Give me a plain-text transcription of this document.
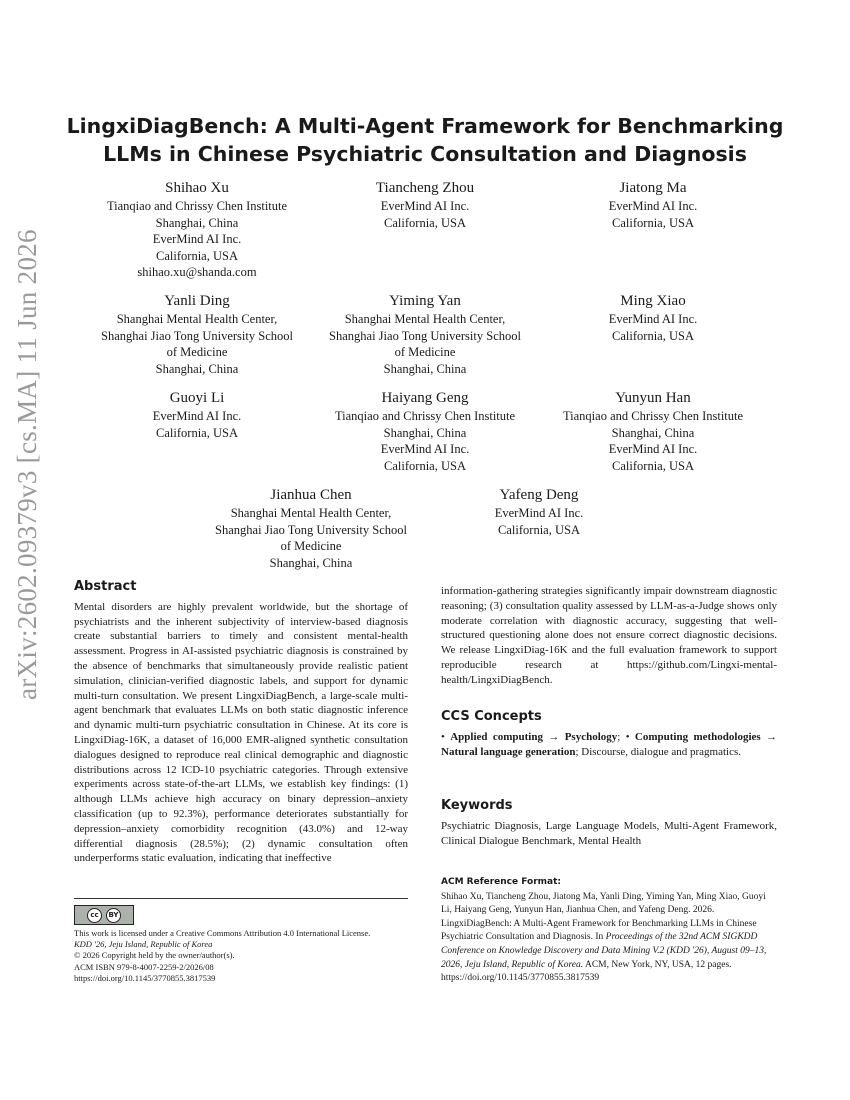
arXiv:2602.09379v3 [cs.MA] 11 Jun 2026
LingxiDiagBench: A Multi-Agent Framework for Benchmarking LLMs in Chinese Psychiatric Consultation and Diagnosis
Shihao Xu
Tianqiao and Chrissy Chen Institute
Shanghai, China
EverMind AI Inc.
California, USA
shihao.xu@shanda.com
Tiancheng Zhou
EverMind AI Inc.
California, USA
Jiatong Ma
EverMind AI Inc.
California, USA
Yanli Ding
Shanghai Mental Health Center,
Shanghai Jiao Tong University School
of Medicine
Shanghai, China
Yiming Yan
Shanghai Mental Health Center,
Shanghai Jiao Tong University School
of Medicine
Shanghai, China
Ming Xiao
EverMind AI Inc.
California, USA
Guoyi Li
EverMind AI Inc.
California, USA
Haiyang Geng
Tianqiao and Chrissy Chen Institute
Shanghai, China
EverMind AI Inc.
California, USA
Yunyun Han
Tianqiao and Chrissy Chen Institute
Shanghai, China
EverMind AI Inc.
California, USA
Jianhua Chen
Shanghai Mental Health Center,
Shanghai Jiao Tong University School
of Medicine
Shanghai, China
Yafeng Deng
EverMind AI Inc.
California, USA
Abstract
Mental disorders are highly prevalent worldwide, but the shortage of psychiatrists and the inherent subjectivity of interview-based diagnosis create substantial barriers to timely and consistent mental-health assessment. Progress in AI-assisted psychiatric diagnosis is constrained by the absence of benchmarks that simultaneously provide realistic patient simulation, clinician-verified diagnostic labels, and support for dynamic multi-turn consultation. We present LingxiDiagBench, a large-scale multi-agent benchmark that evaluates LLMs on both static diagnostic inference and dynamic multi-turn psychiatric consultation in Chinese. At its core is LingxiDiag-16K, a dataset of 16,000 EMR-aligned synthetic consultation dialogues designed to reproduce real clinical demographic and diagnostic distributions across 12 ICD-10 psychiatric categories. Through extensive experiments across state-of-the-art LLMs, we establish key findings: (1) although LLMs achieve high accuracy on binary depression–anxiety classification (up to 92.3%), performance deteriorates substantially for depression–anxiety comorbidity recognition (43.0%) and 12-way differential diagnosis (28.5%); (2) dynamic consultation often underperforms static evaluation, indicating that ineffective
cc	BY
This work is licensed under a Creative Commons Attribution 4.0 International License.
KDD '26, Jeju Island, Republic of Korea
© 2026 Copyright held by the owner/author(s).
ACM ISBN 979-8-4007-2259-2/2026/08
https://doi.org/10.1145/3770855.3817539
information-gathering strategies significantly impair downstream diagnostic reasoning; (3) consultation quality assessed by LLM-as-a-Judge shows only moderate correlation with diagnostic accuracy, suggesting that well-structured questioning alone does not ensure correct diagnostic decisions. We release LingxiDiag-16K and the full evaluation framework to support reproducible research at https://github.com/Lingxi-mental-health/LingxiDiagBench.
CCS Concepts
• Applied computing → Psychology; • Computing methodologies → Natural language generation; Discourse, dialogue and pragmatics.
Keywords
Psychiatric Diagnosis, Large Language Models, Multi-Agent Framework, Clinical Dialogue Benchmark, Mental Health
ACM Reference Format:
Shihao Xu, Tiancheng Zhou, Jiatong Ma, Yanli Ding, Yiming Yan, Ming Xiao, Guoyi Li, Haiyang Geng, Yunyun Han, Jianhua Chen, and Yafeng Deng. 2026. LingxiDiagBench: A Multi-Agent Framework for Benchmarking LLMs in Chinese Psychiatric Consultation and Diagnosis. In Proceedings of the 32nd ACM SIGKDD Conference on Knowledge Discovery and Data Mining V.2 (KDD '26), August 09–13, 2026, Jeju Island, Republic of Korea. ACM, New York, NY, USA, 12 pages. https://doi.org/10.1145/3770855.3817539
